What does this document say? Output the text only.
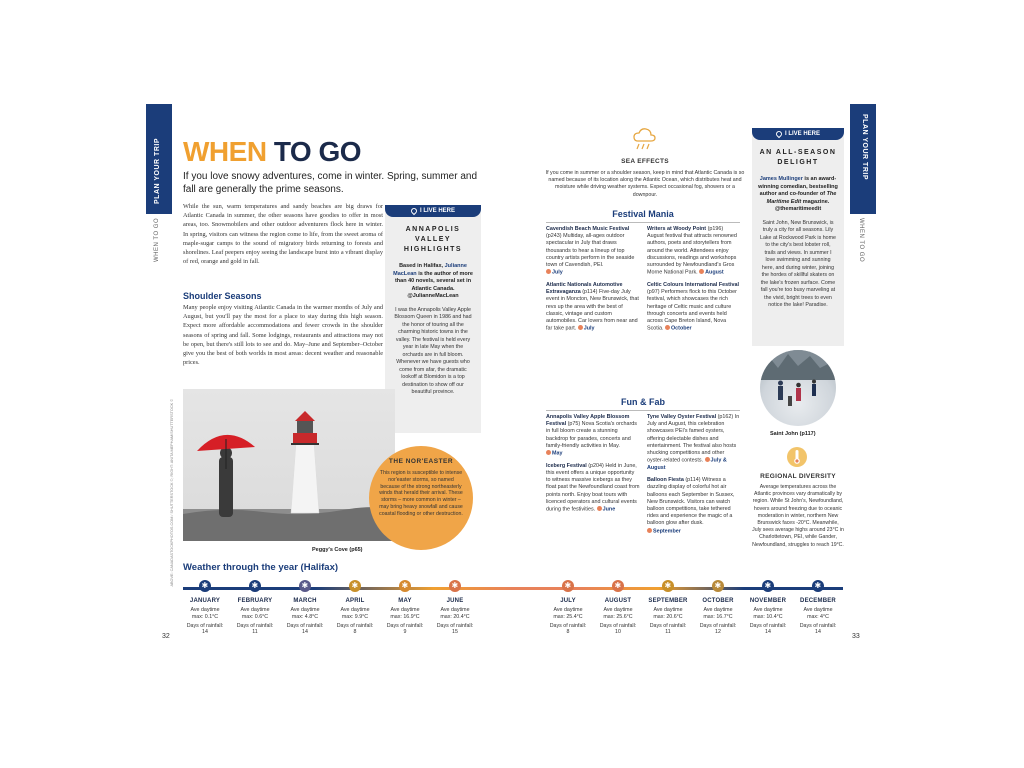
PLAN YOUR TRIP	PLAN YOUR TRIP
WHEN TO GO	WHEN TO GO
32	33
WHEN TO GO

If you love snowy adventures, come in winter. Spring, summer and fall are generally the prime seasons.

While the sun, warm temperatures and sandy beaches are big draws for Atlantic Canada in summer, the other seasons have goodies to offer in most areas, too. Snowmobilers and other outdoor adventurers flock here in winter. In spring, visitors can witness the region come to life, from the sweet aroma of maple-sugar camps to the sound of migratory birds returning to forests and shorelines. Leaf peepers enjoy seeing the landscape burst into a vibrant display of red, orange and gold in fall.

Shoulder Seasons

Many people enjoy visiting Atlantic Canada in the warmer months of July and August, but you'll pay the most for a place to stay during this high season. Expect more affordable accommodations and fewer crowds in the shoulder seasons of spring and fall. Some lodgings, restaurants and attractions may not be open, but there's still lots to see and do. May–June and September–October give you the best of both worlds in most areas: decent weather and reasonable prices.

I LIVE HERE
ANNAPOLIS
VALLEY
HIGHLIGHTS
Based in Halifax, Julianne MacLean is the author of more than 40 novels, several set in Atlantic Canada.
@JulianneMacLean

I was the Annapolis Valley Apple Blossom Queen in 1986 and had the honor of touring all the charming historic towns in the valley. The festival is held every year in late May when the orchards are in full bloom. Whenever we have guests who come from afar, the dramatic lookoff at Blomidon is a top destination to show off our beautiful province.

ABOVE: CANADASTOCKPHOTOS.COM / SHUTTERSTOCK ©; RIGHT: ANITA MEPHAM/SHUTTERSTOCK ©	Peggy's Cove (p65)
THE NOR'EASTER

This region is susceptible to intense nor'easter storms, so named because of the strong northeasterly winds that herald their arrival. These storms – more common in winter – may bring heavy snowfall and cause coastal flooding or other destruction.

SEA EFFECTS

If you come in summer or a shoulder season, keep in mind that Atlantic Canada is so named because of its location along the Atlantic Ocean, which distributes heat and moisture while driving weather systems. Expect occasional fog, showers or a downpour.

Festival Mania
Cavendish Beach Music Festival (p243) Multiday, all-ages outdoor spectacular in July that draws thousands to hear a lineup of top country artists perform in the seaside town of Cavendish, PEI.
July
Atlantic Nationals Automotive Extravaganza (p114) Five-day July event in Moncton, New Brunswick, that revs up the area with the best of classic, vintage and custom automobiles. Car lovers from near and far take part. July
Writers at Woody Point (p196) August festival that attracts renowned authors, poets and storytellers from around the world. Attendees enjoy discussions, readings and workshops surrounded by Newfoundland's Gros Morne National Park. August
Celtic Colours International Festival (p97) Performers flock to this October festival, which showcases the rich heritage of Celtic music and culture through concerts and events held across Cape Breton Island, Nova Scotia. October
Fun & Fab
Annapolis Valley Apple Blossom Festival (p75) Nova Scotia's orchards in full bloom create a stunning backdrop for parades, concerts and family-friendly activities in May.
May
Iceberg Festival (p204) Held in June, this event offers a unique opportunity to witness massive icebergs as they float past the Newfoundland coast from points north. Enjoy boat tours with licenced operators and cultural events during the festivities. June
Tyne Valley Oyster Festival (p162) In July and August, this celebration showcases PEI's famed oysters, offering delectable dishes and entertainment. The festival also hosts shucking competitions and other oyster-related contests. July & August
Balloon Fiesta (p114) Witness a dazzling display of colorful hot air balloons each September in Sussex, New Brunswick. Visitors can watch balloon competitions, take tethered rides and experience the magic of a balloon glow after dusk.
September
I LIVE HERE
AN ALL-SEASON
DELIGHT
James Mullinger is an award-winning comedian, bestselling author and co-founder of The Maritime Edit magazine.
@themaritimeedit

Saint John, New Brunswick, is truly a city for all seasons. Lily Lake at Rockwood Park is home to the city's best lobster roll, trails and views. In summer I love swimming and sunning here, and during winter, joining the hordes of skillful skaters on the lake's frozen surface. Come fall you're too busy marveling at the vivid, bright trees to even notice the lake! Paradise.

Saint John (p117)
REGIONAL DIVERSITY

Average temperatures across the Atlantic provinces vary dramatically by region. While St John's, Newfoundland, hovers around freezing due to oceanic moderation in winter, northern New Brunswick faces -20°C. Meanwhile, July sees average highs around 23°C in Charlottetown, PEI, while Gander, Newfoundland, struggles to reach 19°C.

Weather through the year (Halifax)
✱
JANUARY
Ave daytime
max: 0.1°C
Days of rainfall:
14
✱
FEBRUARY
Ave daytime
max: 0.6°C
Days of rainfall:
11
✱
MARCH
Ave daytime
max: 4.8°C
Days of rainfall:
14
✱
APRIL
Ave daytime
max: 9.9°C
Days of rainfall:
8
✱
MAY
Ave daytime
max: 16.9°C
Days of rainfall:
9
✱
JUNE
Ave daytime
max: 20.4°C
Days of rainfall:
15
✱
JULY
Ave daytime
max: 25.4°C
Days of rainfall:
8
✱
AUGUST
Ave daytime
max: 25.6°C
Days of rainfall:
10
✱
SEPTEMBER
Ave daytime
max: 20.6°C
Days of rainfall:
11
✱
OCTOBER
Ave daytime
max: 16.7°C
Days of rainfall:
12
✱
NOVEMBER
Ave daytime
max: 10.4°C
Days of rainfall:
14
✱
DECEMBER
Ave daytime
max: 4°C
Days of rainfall:
14
